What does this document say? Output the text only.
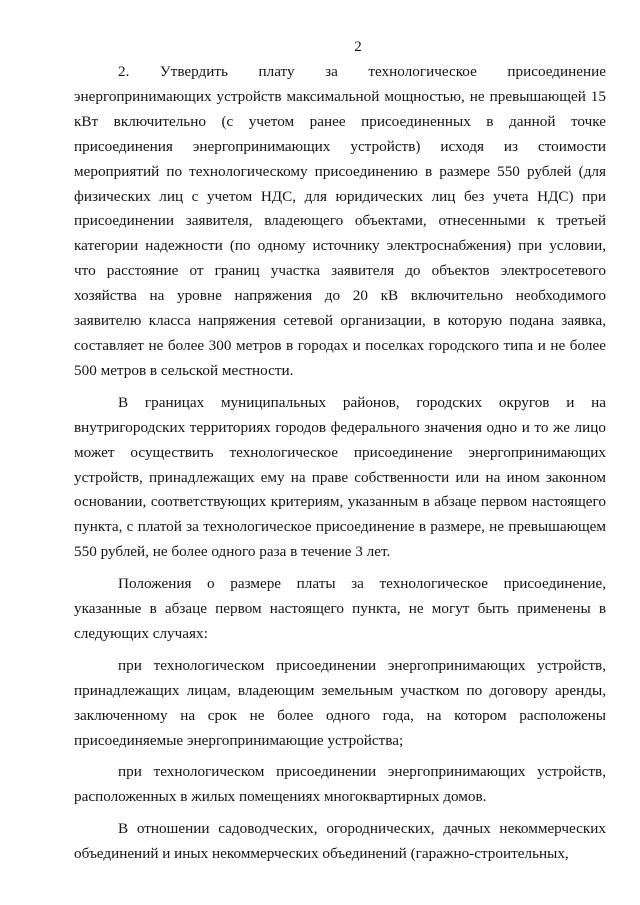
2

2. Утвердить плату за технологическое присоединение энергопринимающих устройств максимальной мощностью, не превышающей 15 кВт включительно (с учетом ранее присоединенных в данной точке присоединения энергопринимающих устройств) исходя из стоимости мероприятий по технологическому присоединению в размере 550 рублей (для физических лиц с учетом НДС, для юридических лиц без учета НДС) при присоединении заявителя, владеющего объектами, отнесенными к третьей категории надежности (по одному источнику электроснабжения) при условии, что расстояние от границ участка заявителя до объектов электросетевого хозяйства на уровне напряжения до 20 кВ включительно необходимого заявителю класса напряжения сетевой организации, в которую подана заявка, составляет не более 300 метров в городах и поселках городского типа и не более 500 метров в сельской местности.

В границах муниципальных районов, городских округов и на внутригородских территориях городов федерального значения одно и то же лицо может осуществить технологическое присоединение энергопринимающих устройств, принадлежащих ему на праве собственности или на ином законном основании, соответствующих критериям, указанным в абзаце первом настоящего пункта, с платой за технологическое присоединение в размере, не превышающем 550 рублей, не более одного раза в течение 3 лет.

Положения о размере платы за технологическое присоединение, указанные в абзаце первом настоящего пункта, не могут быть применены в следующих случаях:

при технологическом присоединении энергопринимающих устройств, принадлежащих лицам, владеющим земельным участком по договору аренды, заключенному на срок не более одного года, на котором расположены присоединяемые энергопринимающие устройства;

при технологическом присоединении энергопринимающих устройств, расположенных в жилых помещениях многоквартирных домов.

В отношении садоводческих, огороднических, дачных некоммерческих объединений и иных некоммерческих объединений (гаражно-строительных,
